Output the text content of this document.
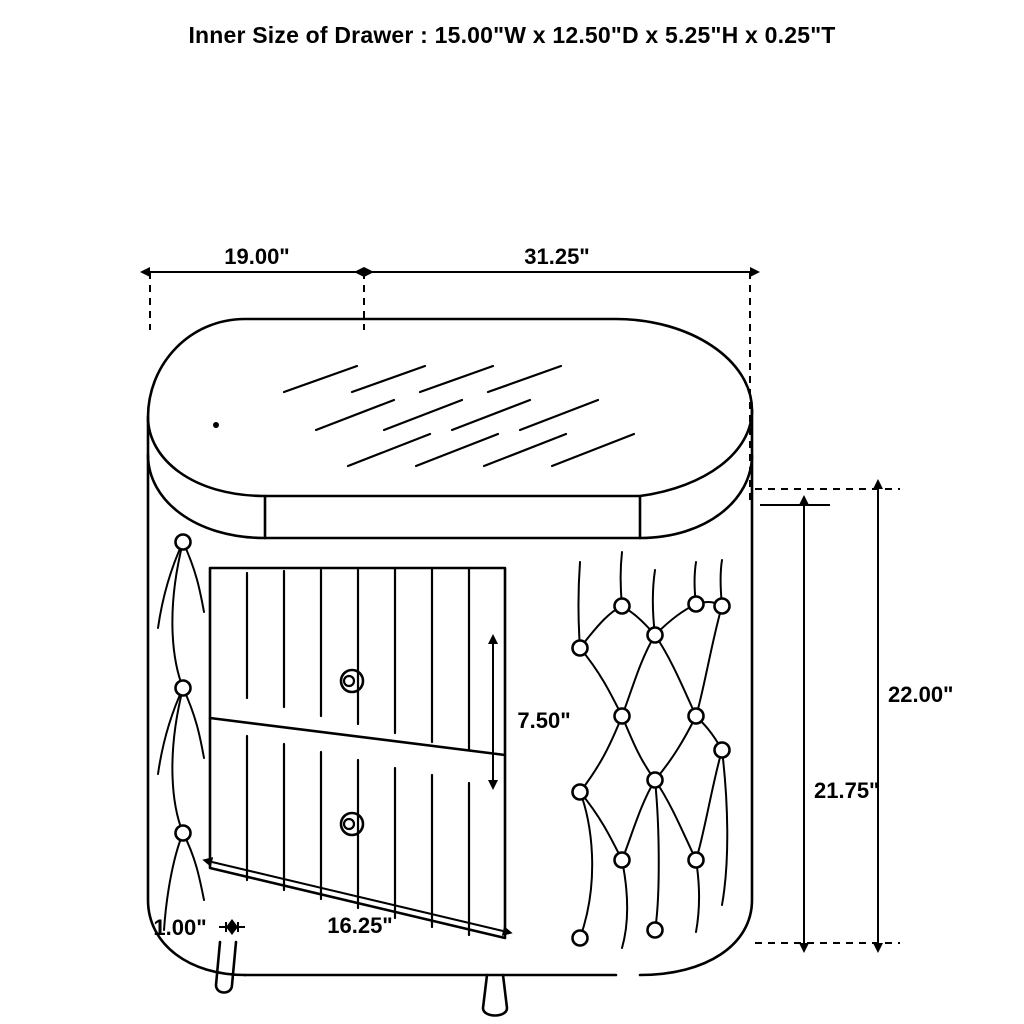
Inner Size of Drawer : 15.00"W x 12.50"D x 5.25"H x 0.25"T
19.00"	31.25"
7.50"
16.25"
1.00"
21.75"
22.00"
